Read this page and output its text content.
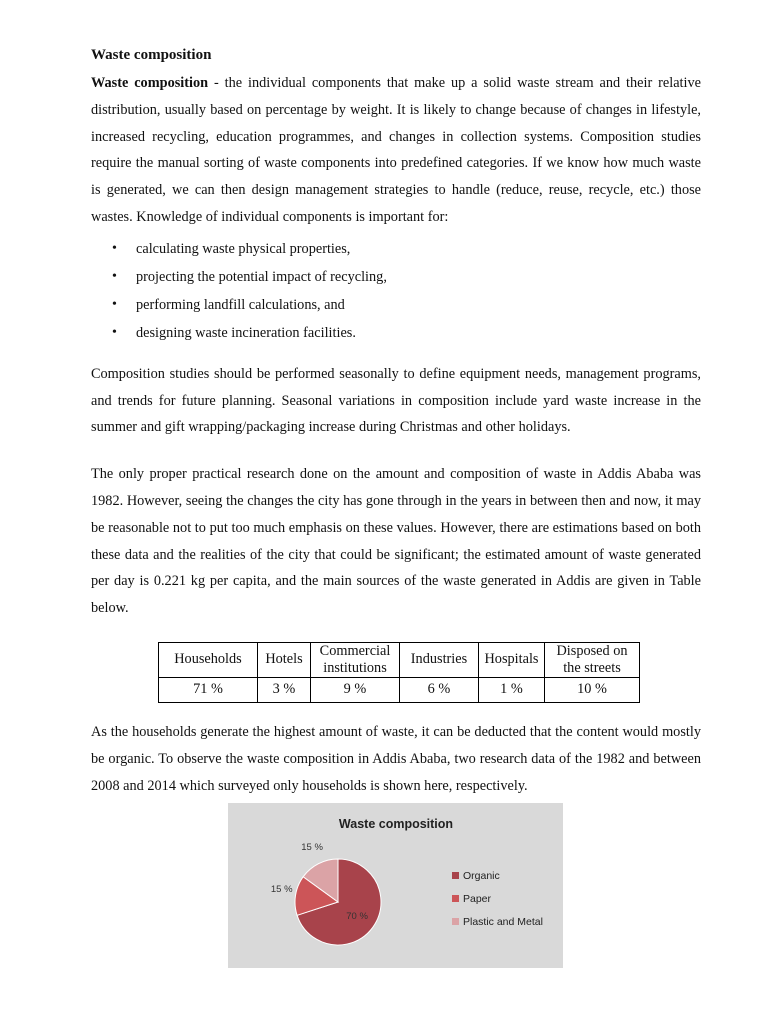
Waste composition

Waste composition - the individual components that make up a solid waste stream and their relative distribution, usually based on percentage by weight. It is likely to change because of changes in lifestyle, increased recycling, education programmes, and changes in collection systems. Composition studies require the manual sorting of waste components into predefined categories. If we know how much waste is generated, we can then design management strategies to handle (reduce, reuse, recycle, etc.) those wastes. Knowledge of individual components is important for:

• calculating waste physical properties,
• projecting the potential impact of recycling,
• performing landfill calculations, and
• designing waste incineration facilities.

Composition studies should be performed seasonally to define equipment needs, management programs, and trends for future planning. Seasonal variations in composition include yard waste increase in the summer and gift wrapping/packaging increase during Christmas and other holidays.

The only proper practical research done on the amount and composition of waste in Addis Ababa was 1982. However, seeing the changes the city has gone through in the years in between then and now, it may be reasonable not to put too much emphasis on these values. However, there are estimations based on both these data and the realities of the city that could be significant; the estimated amount of waste generated per day is 0.221 kg per capita, and the main sources of the waste generated in Addis are given in Table below.

Households	Hotels	Commercial institutions	Industries	Hospitals	Disposed on the streets
71 %	3 %	9 %	6 %	1 %	10 %

As the households generate the highest amount of waste, it can be deducted that the content would mostly be organic. To observe the waste composition in Addis Ababa, two research data of the 1982 and between 2008 and 2014 which surveyed only households is shown here, respectively.

Waste composition
70 %
15 %
15 %
Organic
Paper
Plastic and Metal
